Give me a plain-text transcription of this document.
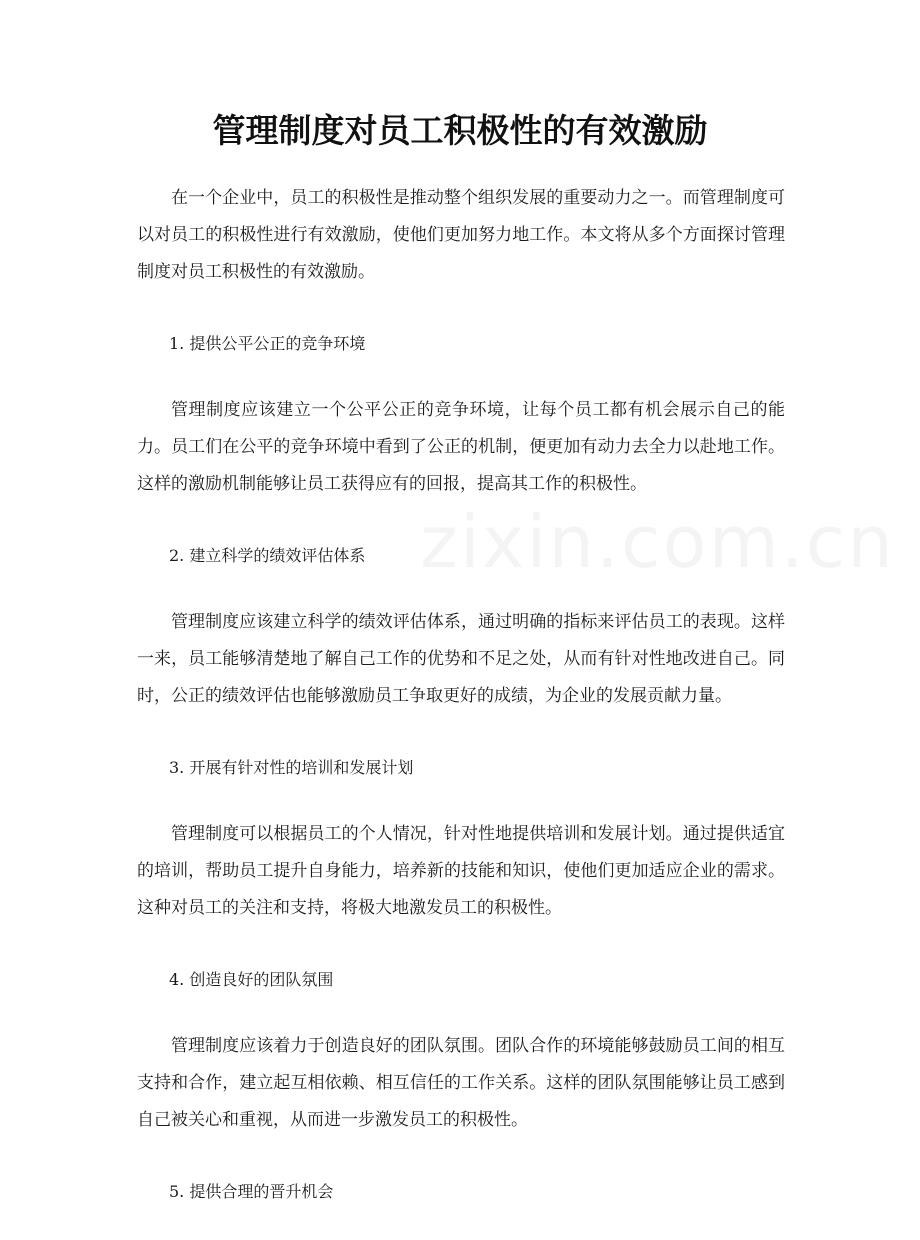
管理制度对员工积极性的有效激励

在一个企业中，员工的积极性是推动整个组织发展的重要动力之一。而管理制度可以对员工的积极性进行有效激励，使他们更加努力地工作。本文将从多个方面探讨管理制度对员工积极性的有效激励。

1. 提供公平公正的竞争环境

管理制度应该建立一个公平公正的竞争环境，让每个员工都有机会展示自己的能力。员工们在公平的竞争环境中看到了公正的机制，便更加有动力去全力以赴地工作。这样的激励机制能够让员工获得应有的回报，提高其工作的积极性。

2. 建立科学的绩效评估体系

管理制度应该建立科学的绩效评估体系，通过明确的指标来评估员工的表现。这样一来，员工能够清楚地了解自己工作的优势和不足之处，从而有针对性地改进自己。同时，公正的绩效评估也能够激励员工争取更好的成绩，为企业的发展贡献力量。

3. 开展有针对性的培训和发展计划

管理制度可以根据员工的个人情况，针对性地提供培训和发展计划。通过提供适宜的培训，帮助员工提升自身能力，培养新的技能和知识，使他们更加适应企业的需求。这种对员工的关注和支持，将极大地激发员工的积极性。

4. 创造良好的团队氛围

管理制度应该着力于创造良好的团队氛围。团队合作的环境能够鼓励员工间的相互支持和合作，建立起互相依赖、相互信任的工作关系。这样的团队氛围能够让员工感到自己被关心和重视，从而进一步激发员工的积极性。

5. 提供合理的晋升机会
